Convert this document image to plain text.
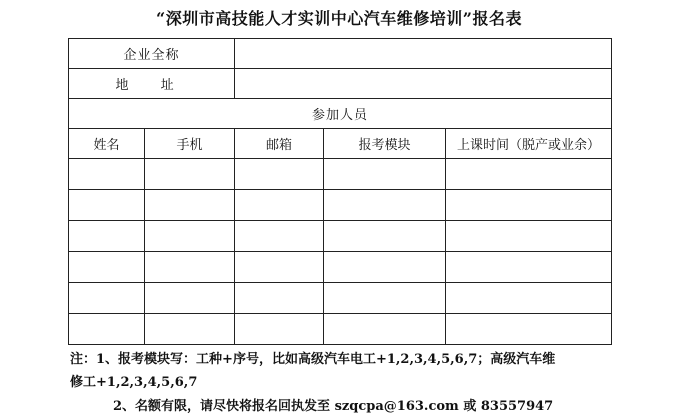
“深圳市高技能人才实训中心汽车维修培训”报名表
企业全称				
地 址				
参加人员				
姓名	手机	邮箱	报考模块	上课时间（脱产或业余）

注：1、报考模块写：工种+序号，比如高级汽车电工+1,2,3,4,5,6,7；高级汽车维
修工+1,2,3,4,5,6,7
2、名额有限，请尽快将报名回执发至 szqcpa@163.com 或 83557947
